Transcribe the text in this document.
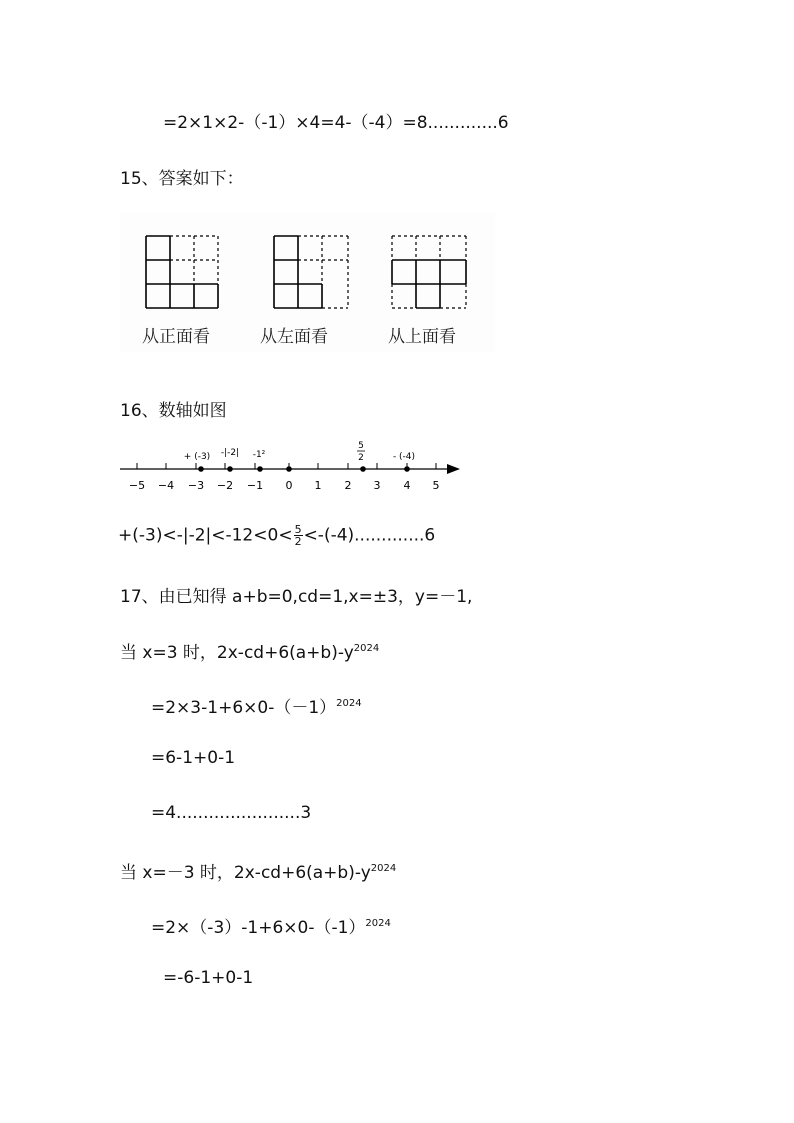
=2×1×2-（-1）×4=4-（-4）=8.............6
15、答案如下：
从正面看	从左面看	从上面看
16、数轴如图
−5 −4 −3 −2 −1 0 1 2 3 4 5
+ (-3) -|-2| -1²
5
2	- (-4)
$+(-3)<-|-2|<-12<0< \frac{5}{2} <-(-4).............6$
17、由已知得 a+b=0,cd=1,x=±3，y=－1,
当 x=3 时，$2x-cd+6(a+b)-y^{2024}$
$=2\times 3-1+6\times 0-(-1)^{2024}$
=6-1+0-1
=4.......................3
当 x=－3 时，$2x-cd+6(a+b)-y^{2024}$
$=2\times(-3)-1+6\times 0-(-1)^{2024}$
=-6-1+0-1
